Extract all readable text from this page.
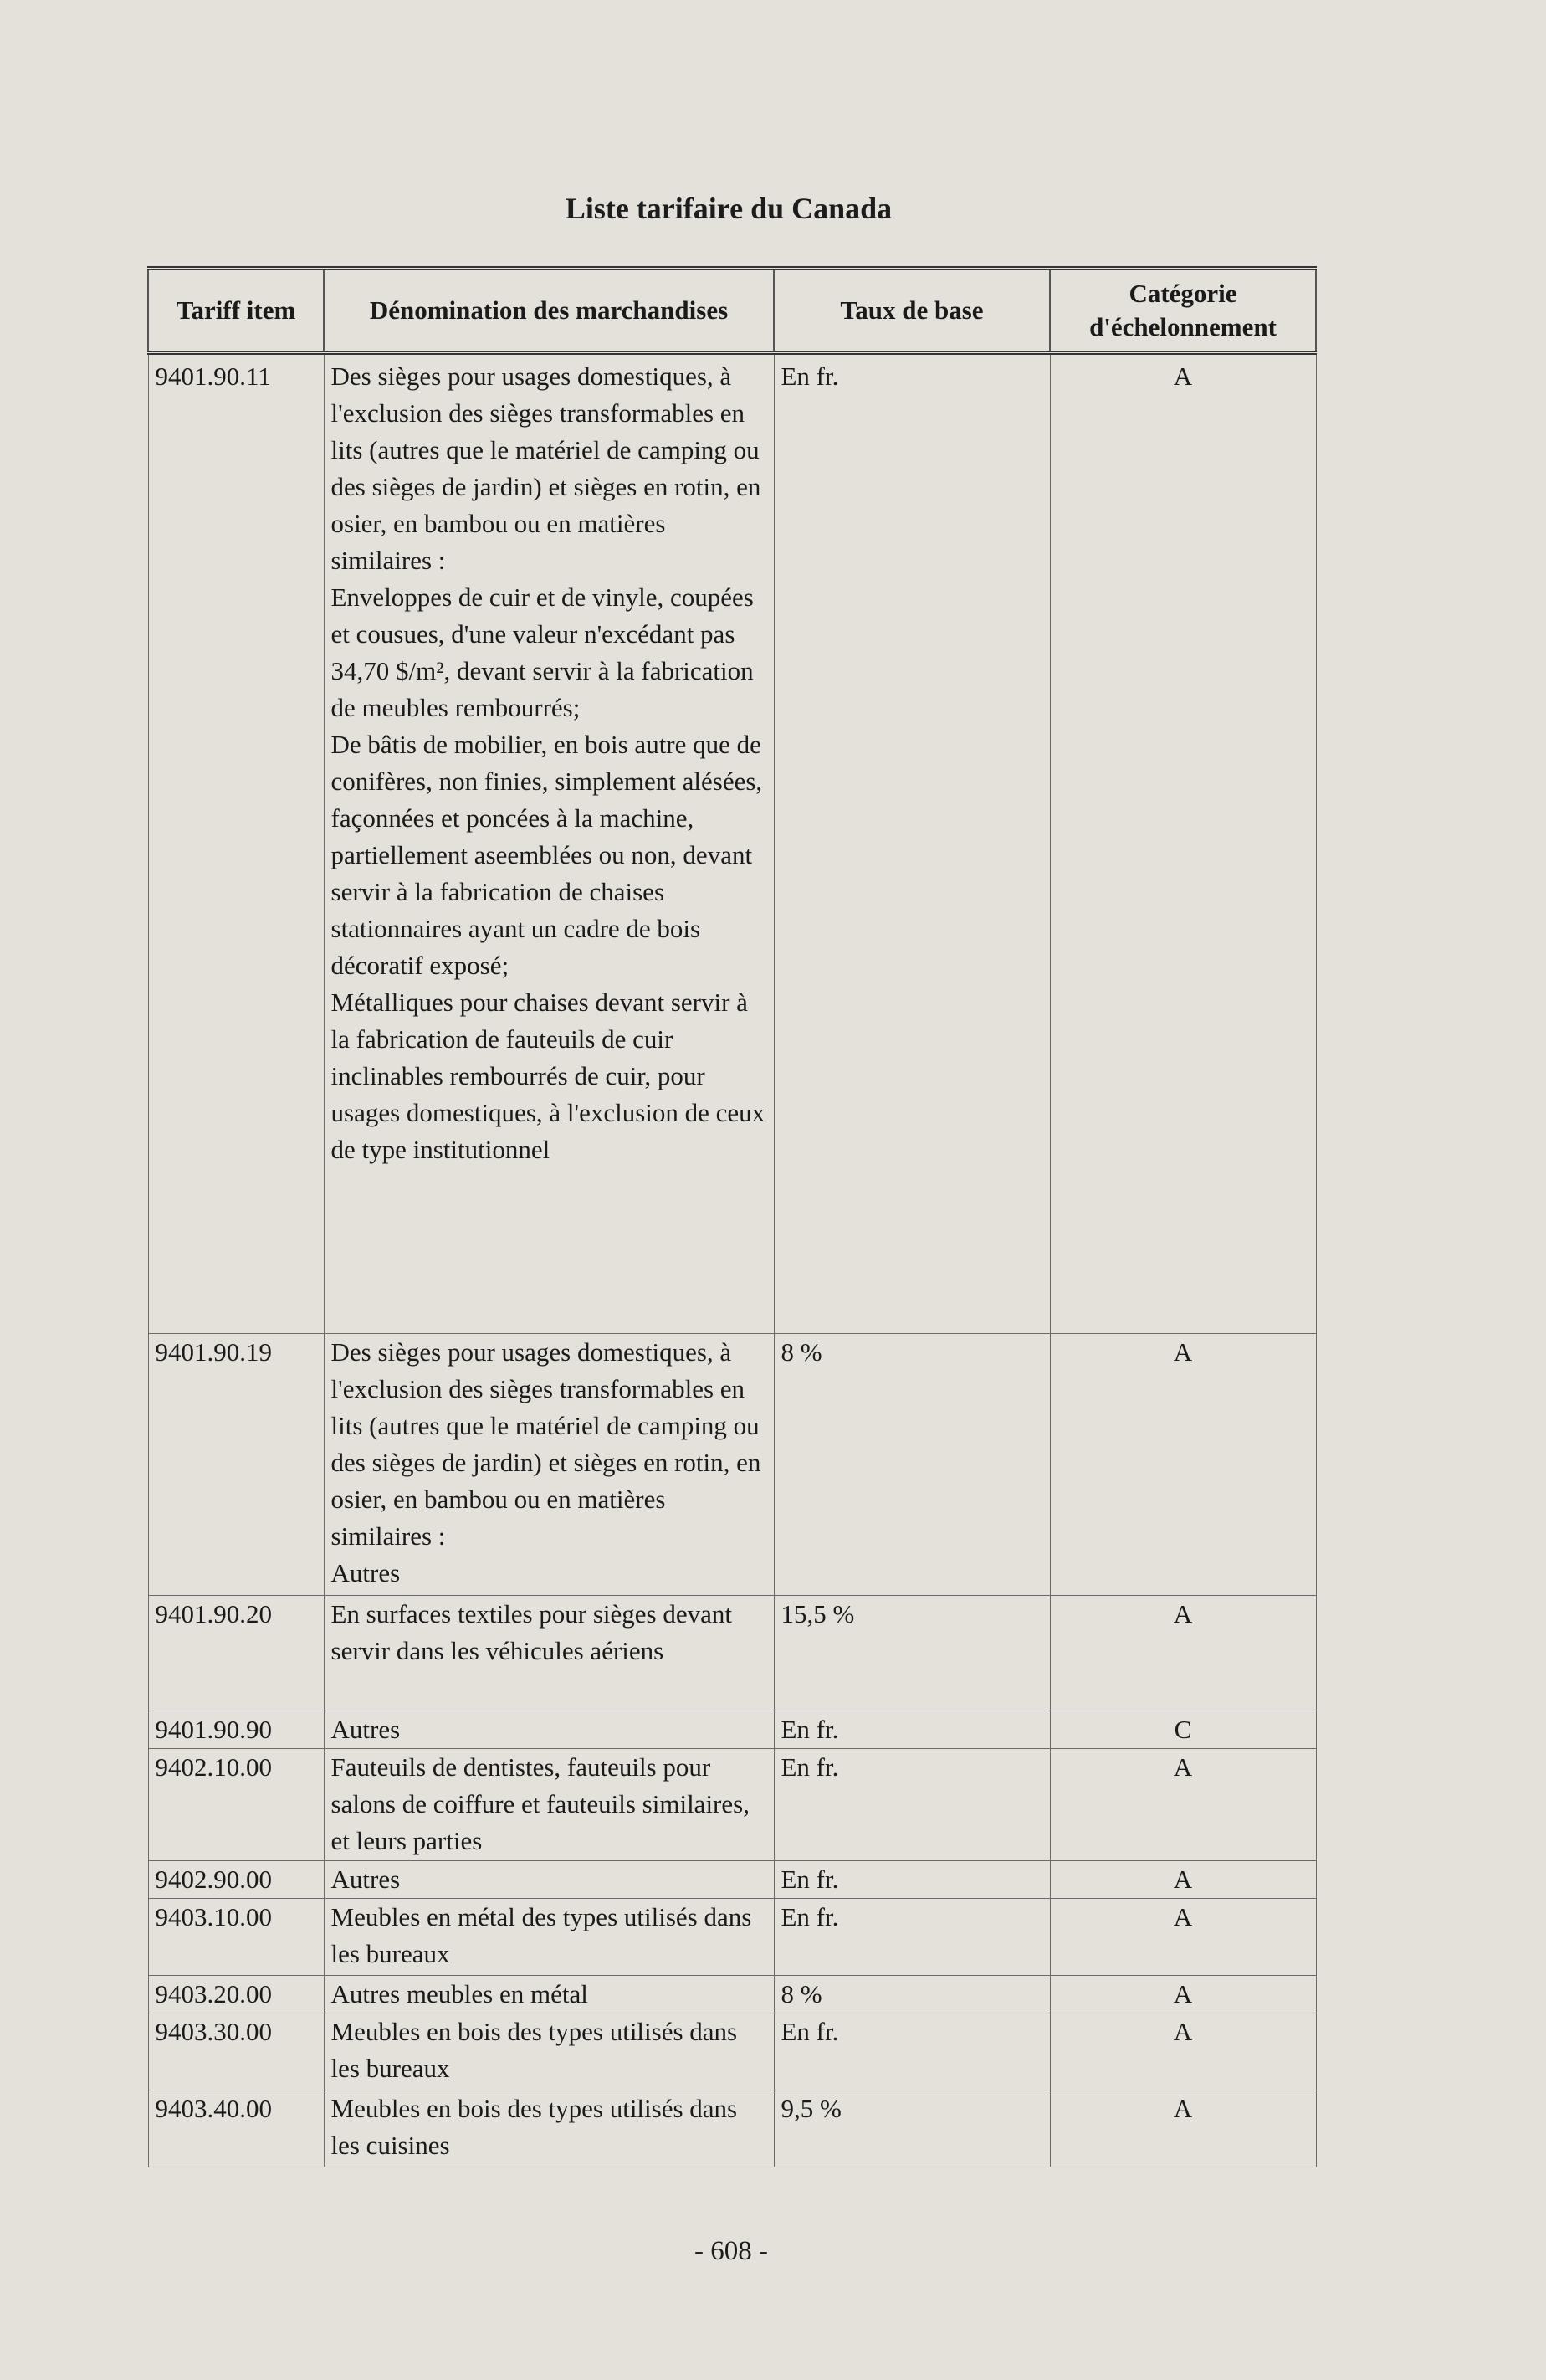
Liste tarifaire du Canada
Tariff item	Dénomination des marchandises	Taux de base	Catégorie d'échelonnement
9401.90.11	Des sièges pour usages domestiques, à l'exclusion des sièges transformables en lits (autres que le matériel de camping ou des sièges de jardin) et sièges en rotin, en osier, en bambou ou en matières similaires :
Enveloppes de cuir et de vinyle, coupées et cousues, d'une valeur n'excédant pas 34,70 $/m², devant servir à la fabrication de meubles rembourrés;
De bâtis de mobilier, en bois autre que de conifères, non finies, simplement alésées, façonnées et poncées à la machine, partiellement aseemblées ou non, devant servir à la fabrication de chaises stationnaires ayant un cadre de bois décoratif exposé;
Métalliques pour chaises devant servir à la fabrication de fauteuils de cuir inclinables rembourrés de cuir, pour usages domestiques, à l'exclusion de ceux de type institutionnel	En fr.	A
9401.90.19	Des sièges pour usages domestiques, à l'exclusion des sièges transformables en lits (autres que le matériel de camping ou des sièges de jardin) et sièges en rotin, en osier, en bambou ou en matières similaires :
Autres	8 %	A
9401.90.20	En surfaces textiles pour sièges devant servir dans les véhicules aériens	15,5 %	A
9401.90.90	Autres	En fr.	C
9402.10.00	Fauteuils de dentistes, fauteuils pour salons de coiffure et fauteuils similaires, et leurs parties	En fr.	A
9402.90.00	Autres	En fr.	A
9403.10.00	Meubles en métal des types utilisés dans les bureaux	En fr.	A
9403.20.00	Autres meubles en métal	8 %	A
9403.30.00	Meubles en bois des types utilisés dans les bureaux	En fr.	A
9403.40.00	Meubles en bois des types utilisés dans les cuisines	9,5 %	A
- 608 -
